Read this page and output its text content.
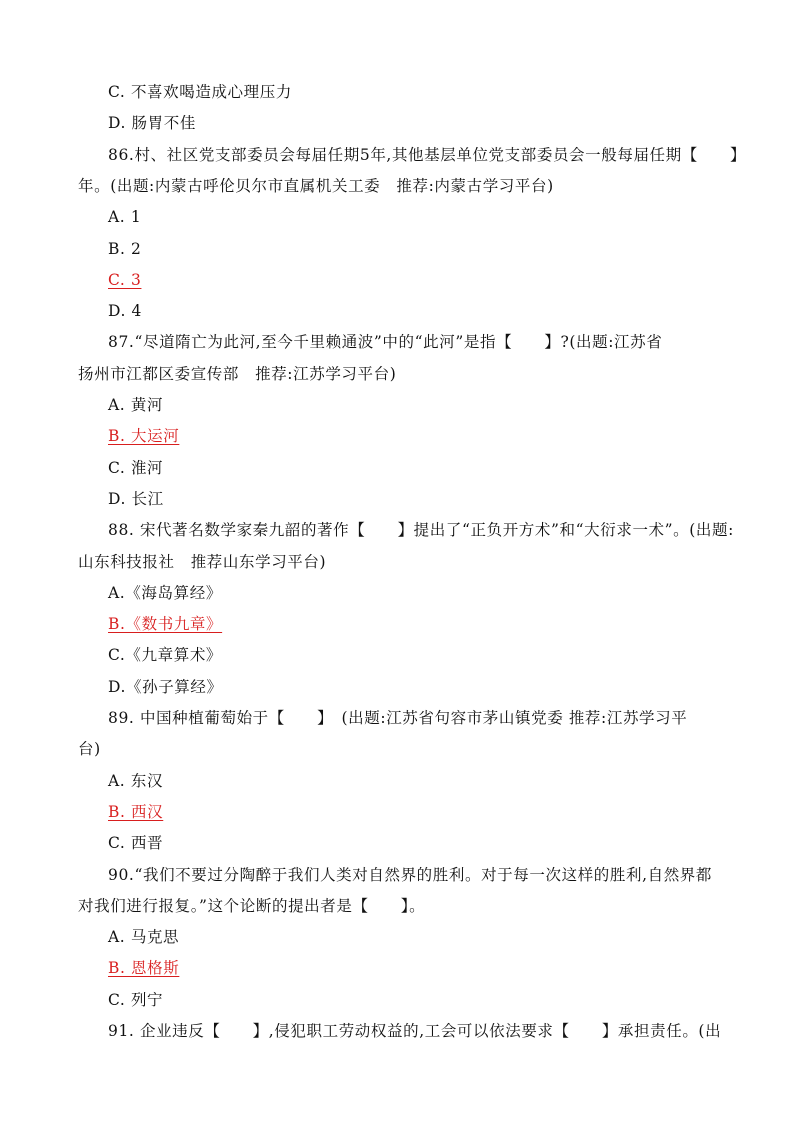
C. 不喜欢喝造成心理压力
D. 肠胃不佳
86.村、社区党支部委员会每届任期5年,其他基层单位党支部委员会一般每届任期【　　】
年。(出题:内蒙古呼伦贝尔市直属机关工委　推荐:内蒙古学习平台)
A. 1
B. 2
C. 3
D. 4
87.“尽道隋亡为此河,至今千里赖通波”中的“此河”是指【　　】?(出题:江苏省
扬州市江都区委宣传部　推荐:江苏学习平台)
A. 黄河
B. 大运河
C. 淮河
D. 长江
88. 宋代著名数学家秦九韶的著作【　　】提出了“正负开方术”和“大衍求一术”。(出题:
山东科技报社　推荐山东学习平台)
A.《海岛算经》
B.《数书九章》
C.《九章算术》
D.《孙子算经》
89. 中国种植葡萄始于【　　】　(出题:江苏省句容市茅山镇党委 推荐:江苏学习平
台)
A. 东汉
B. 西汉
C. 西晋
90.“我们不要过分陶醉于我们人类对自然界的胜利。对于每一次这样的胜利,自然界都
对我们进行报复。”这个论断的提出者是【　　】。
A. 马克思
B. 恩格斯
C. 列宁
91. 企业违反【　　】,侵犯职工劳动权益的,工会可以依法要求【　　】承担责任。(出
